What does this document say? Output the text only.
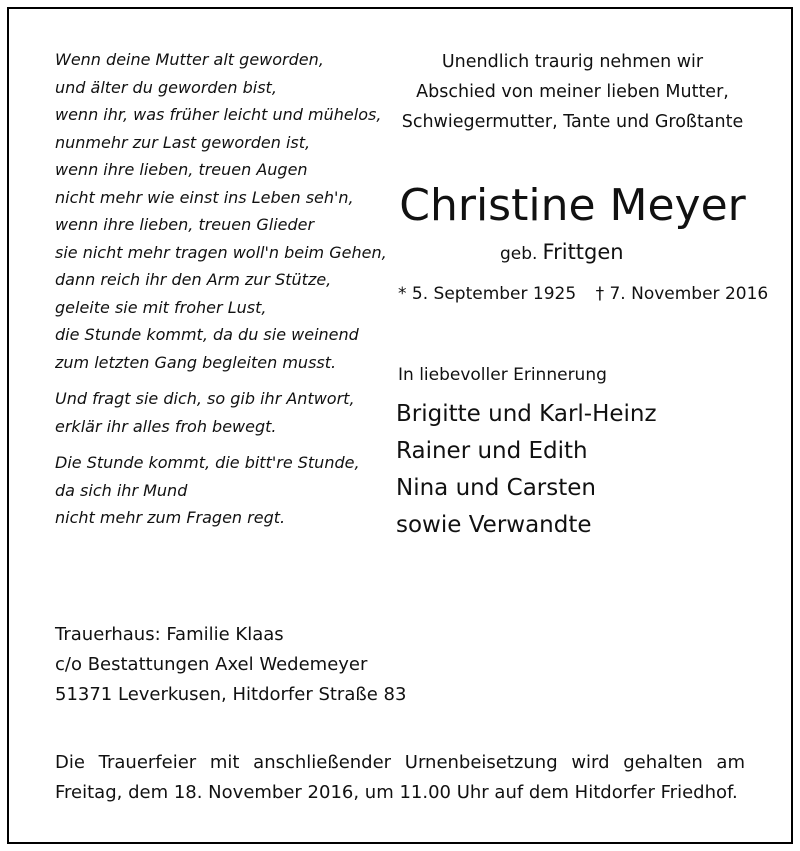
Wenn deine Mutter alt geworden,
und älter du geworden bist,
wenn ihr, was früher leicht und mühelos,
nunmehr zur Last geworden ist,
wenn ihre lieben, treuen Augen
nicht mehr wie einst ins Leben seh'n,
wenn ihre lieben, treuen Glieder
sie nicht mehr tragen woll'n beim Gehen,
dann reich ihr den Arm zur Stütze,
geleite sie mit froher Lust,
die Stunde kommt, da du sie weinend
zum letzten Gang begleiten musst.
Und fragt sie dich, so gib ihr Antwort,
erklär ihr alles froh bewegt.
Die Stunde kommt, die bitt're Stunde,
da sich ihr Mund
nicht mehr zum Fragen regt.
Unendlich traurig nehmen wir
Abschied von meiner lieben Mutter,
Schwiegermutter, Tante und Großtante
Christine Meyer
geb. Frittgen
* 5. September 1925 † 7. November 2016
In liebevoller Erinnerung
Brigitte und Karl-Heinz
Rainer und Edith
Nina und Carsten
sowie Verwandte
Trauerhaus: Familie Klaas
c/o Bestattungen Axel Wedemeyer
51371 Leverkusen, Hitdorfer Straße 83
Die Trauerfeier mit anschließender Urnenbeisetzung wird gehalten am
Freitag, dem 18. November 2016, um 11.00 Uhr auf dem Hitdorfer Friedhof.
